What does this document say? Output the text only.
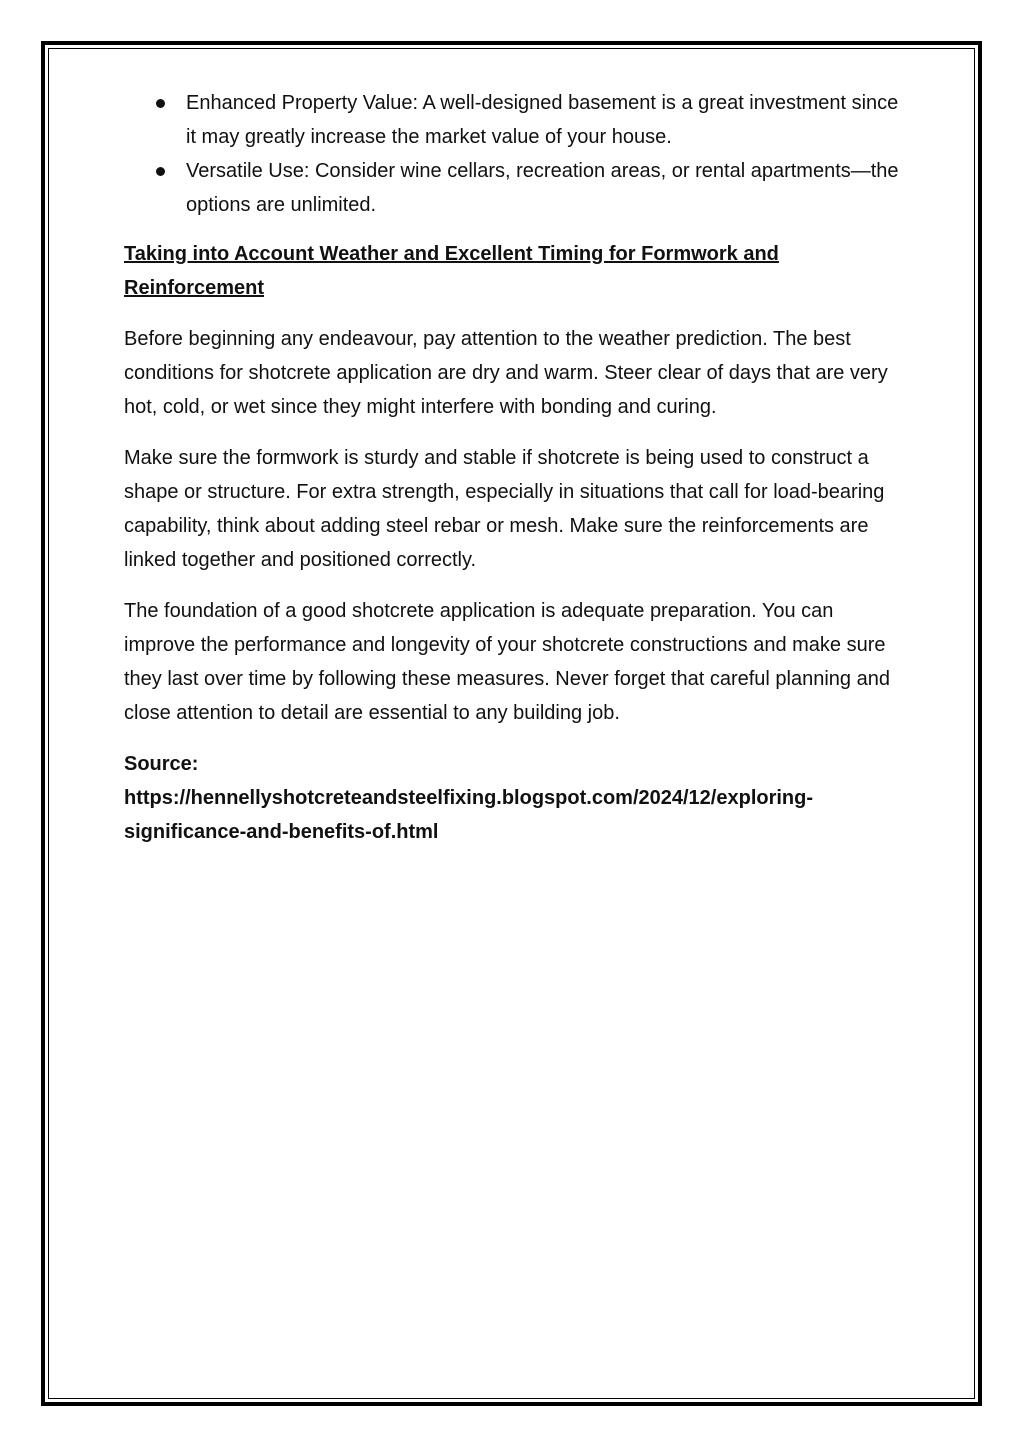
Enhanced Property Value: A well-designed basement is a great investment since it may greatly increase the market value of your house.
Versatile Use: Consider wine cellars, recreation areas, or rental apartments—the options are unlimited.
Taking into Account Weather and Excellent Timing for Formwork and Reinforcement

Before beginning any endeavour, pay attention to the weather prediction. The best conditions for shotcrete application are dry and warm. Steer clear of days that are very hot, cold, or wet since they might interfere with bonding and curing.

Make sure the formwork is sturdy and stable if shotcrete is being used to construct a shape or structure. For extra strength, especially in situations that call for load-bearing capability, think about adding steel rebar or mesh. Make sure the reinforcements are linked together and positioned correctly.

The foundation of a good shotcrete application is adequate preparation. You can improve the performance and longevity of your shotcrete constructions and make sure they last over time by following these measures. Never forget that careful planning and close attention to detail are essential to any building job.

Source:
https://hennellyshotcreteandsteelfixing.blogspot.com/2024/12/exploring-
significance-and-benefits-of.html
